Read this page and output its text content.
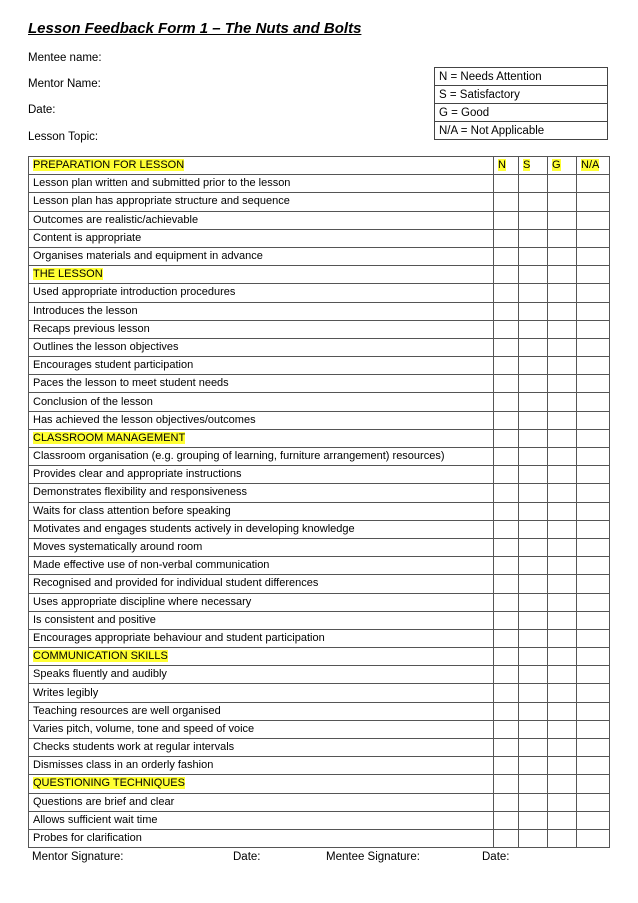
Lesson Feedback Form 1 – The Nuts and Bolts
Mentee name:
Mentor Name:
Date:
Lesson Topic:
N = Needs Attention
S = Satisfactory
G = Good
N/A = Not Applicable
PREPARATION FOR LESSON	N	S	G	N/A
Lesson plan written and submitted prior to the lesson				
Lesson plan has appropriate structure and sequence				
Outcomes are realistic/achievable				
Content is appropriate				
Organises materials and equipment in advance				
THE LESSON				
Used appropriate introduction procedures				
Introduces the lesson				
Recaps previous lesson				
Outlines the lesson objectives				
Encourages student participation				
Paces the lesson to meet student needs				
Conclusion of the lesson				
Has achieved the lesson objectives/outcomes				
CLASSROOM MANAGEMENT				
Classroom organisation (e.g. grouping of learning, furniture arrangement) resources)				
Provides clear and appropriate instructions				
Demonstrates flexibility and responsiveness				
Waits for class attention before speaking				
Motivates and engages students actively in developing knowledge				
Moves systematically around room				
Made effective use of non-verbal communication				
Recognised and provided for individual student differences				
Uses appropriate discipline where necessary				
Is consistent and positive				
Encourages appropriate behaviour and student participation				
COMMUNICATION SKILLS				
Speaks fluently and audibly				
Writes legibly				
Teaching resources are well organised				
Varies pitch, volume, tone and speed of voice				
Checks students work at regular intervals				
Dismisses class in an orderly fashion				
QUESTIONING TECHNIQUES				
Questions are brief and clear				
Allows sufficient wait time				
Probes for clarification				
Mentor Signature:	Date:	Mentee Signature:	Date:
